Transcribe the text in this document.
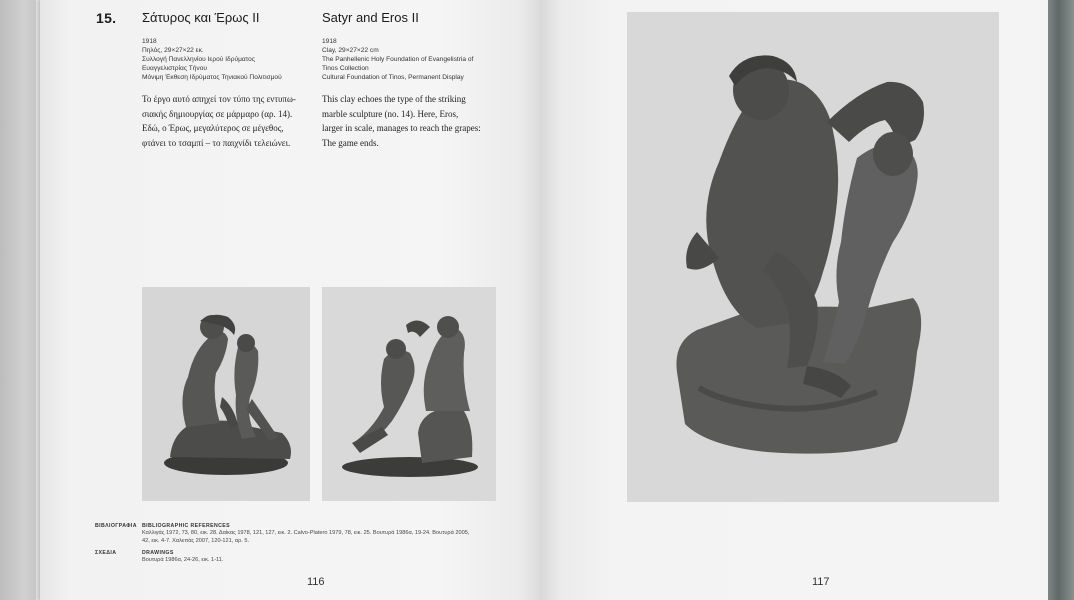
15. Σάτυρος και Έρως ΙΙ	Satyr and Eros II
1918
Πηλός, 29×27×22 εκ.
Συλλογή Πανελληνίου Ιερού Ιδρύματος
Ευαγγελιστρίας Τήνου
Μόνιμη Έκθεση Ιδρύματος Τηνιακού Πολιτισμού
1918
Clay, 29×27×22 cm
The Panhellenic Holy Foundation of Evangelistria of
Tinos Collection
Cultural Foundation of Tinos, Permanent Display
Το έργο αυτό απηχεί τον τύπο της εντυπω-
σιακής δημιουργίας σε μάρμαρο (αρ. 14).
Εδώ, ο Έρως, μεγαλύτερος σε μέγεθος,
φτάνει το τσαμπί – το παιχνίδι τελειώνει.
This clay echoes the type of the striking
marble sculpture (no. 14). Here, Eros,
larger in scale, manages to reach the grapes:
The game ends.
ΒΙΒΛΙΟΓΡΑΦΙΑ BIBLIOGRAPHIC REFERENCES
Καλλιγάς 1972, 73, 80, εικ. 28. Δαίκας 1978, 121, 127, εικ. 2. Calvo-Platero 1979, 78, εικ. 25. Βουτυρά 1986α, 19-24. Βουτυρά 2005,
42, εικ. 4-7. Χαλεπάς 2007, 120-121, αρ. 5.
ΣΧΕΔΙΑ	DRAWINGS
Βουτυρά 1986α, 24-26, εικ. 1-11.
116	117
